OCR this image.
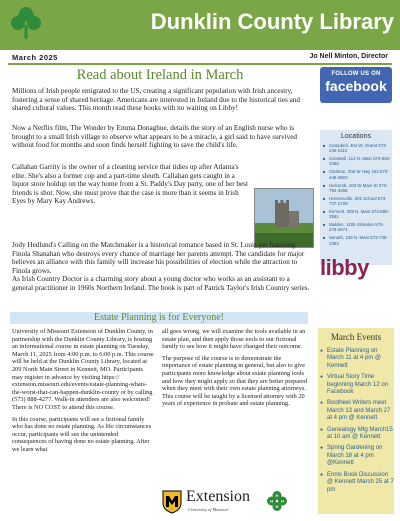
Dunklin County Library
March 2025	Jo Nell Minton, Director
Read about Ireland in March

Millions of Irish people emigrated to the US, creating a significant population with Irish ancestry, fostering a sense of shared heritage. Americans are interested in Ireland due to the historical ties and shared cultural values. This month read these books with no waiting on Libby!

Now a Netflix film, The Wonder by Emma Donaghue, details the story of an English nurse who is brought to a small Irish village to observe what appears to be a miracle, a girl said to have survived without food for months and soon finds herself fighting to save the child's life.

Callahan Garrity is the owner of a cleaning service that tidies up after Atlanta's elite. She's also a former cop and a part-time sleuth. Callahan gets caught in a liquor store holdup on the way home from a St. Paddy's Day party, one of her best friends is shot. Now, she must prove that the case is more than it seems in Irish Eyes by Mary Kay Andrews.

Jody Hedlund's Calling on the Matchmaker is a historical romance based in St. Louis yet featuring Finola Shanahan who destroys every chance of marriage her parents attempt. The candidate for major believes an alliance with this family will increase his possibilities of election while the attraction to Finola grows.

As Irish Country Doctor is a charming story about a young doctor who works as an assistant to a general practitioner in 1960s Northern Ireland. The book is part of Patrick Taylor's Irish Country series.

FOLLOW US ON
facebook
Locations
■ Campbell, 404 W. Grand 573-246-2112
■ Cardwell, 113 N. Main 573-654-3366
■ Clarkton, 205 W Hwy 162 573-448-3803
■ Holcomb, 103 W Main St 573-792-3268
■ Hornersville, 502 School 573-737-2728
■ Kennett, 209 N. Main 573-888-3561
■ Malden, 1205 Stokelan 573-276-3674
■ Senath, 108 N. Main 573-738-2363
libby
Estate Planning is for Everyone!

University of Missouri Extension of Dunklin County, in partnership with the Dunklin County Library, is hosting an informational course in estate planning on Tuesday, March 11, 2025 from 4:00 p.m. to 6:00 p.m. This course will be held at the Dunklin County Library, located at 209 North Main Street in Kennett, MO. Participants may register in advance by visiting https:// extension.missouri.edu/events/estate-planning-whats-the-worst-that-can-happen-dunklin-county or by calling (573) 888-4277. Walk-in attendees are also welcomed! There is NO COST to attend this course.

In this course, participants will see a fictional family who has done no estate planning. As life circumstances occur, participants will see the unintended consequences of having done no estate planning. After we learn what

all goes wrong, we will examine the tools available in an estate plan, and then apply those tools to our fictional family to see how it might have changed their outcome.

The purpose of the course is to demonstrate the importance of estate planning in general, but also to give participants more knowledge about estate planning tools and how they might apply so that they are better prepared when they meet with their own estate planning attorneys. This course will be taught by a licensed attorney with 20 years of experience in probate and estate planning.

March Events
● Estate Planning on March 11 at 4 pm @ Kennett
● Virtual Story Time beginning March 12 on Facebook
● Bootheel Writers meet March 13 and March 27 at 4 pm @ Kennett
● Genealogy Mtg March15 at 10 am @ Kennett
● Spring Gardening on March 18 at 4 pm @Kennett
● Ennis Book Discussion @ Kennett March 25 at 7 pm
Extension
University of Missouri
H
H H
H
